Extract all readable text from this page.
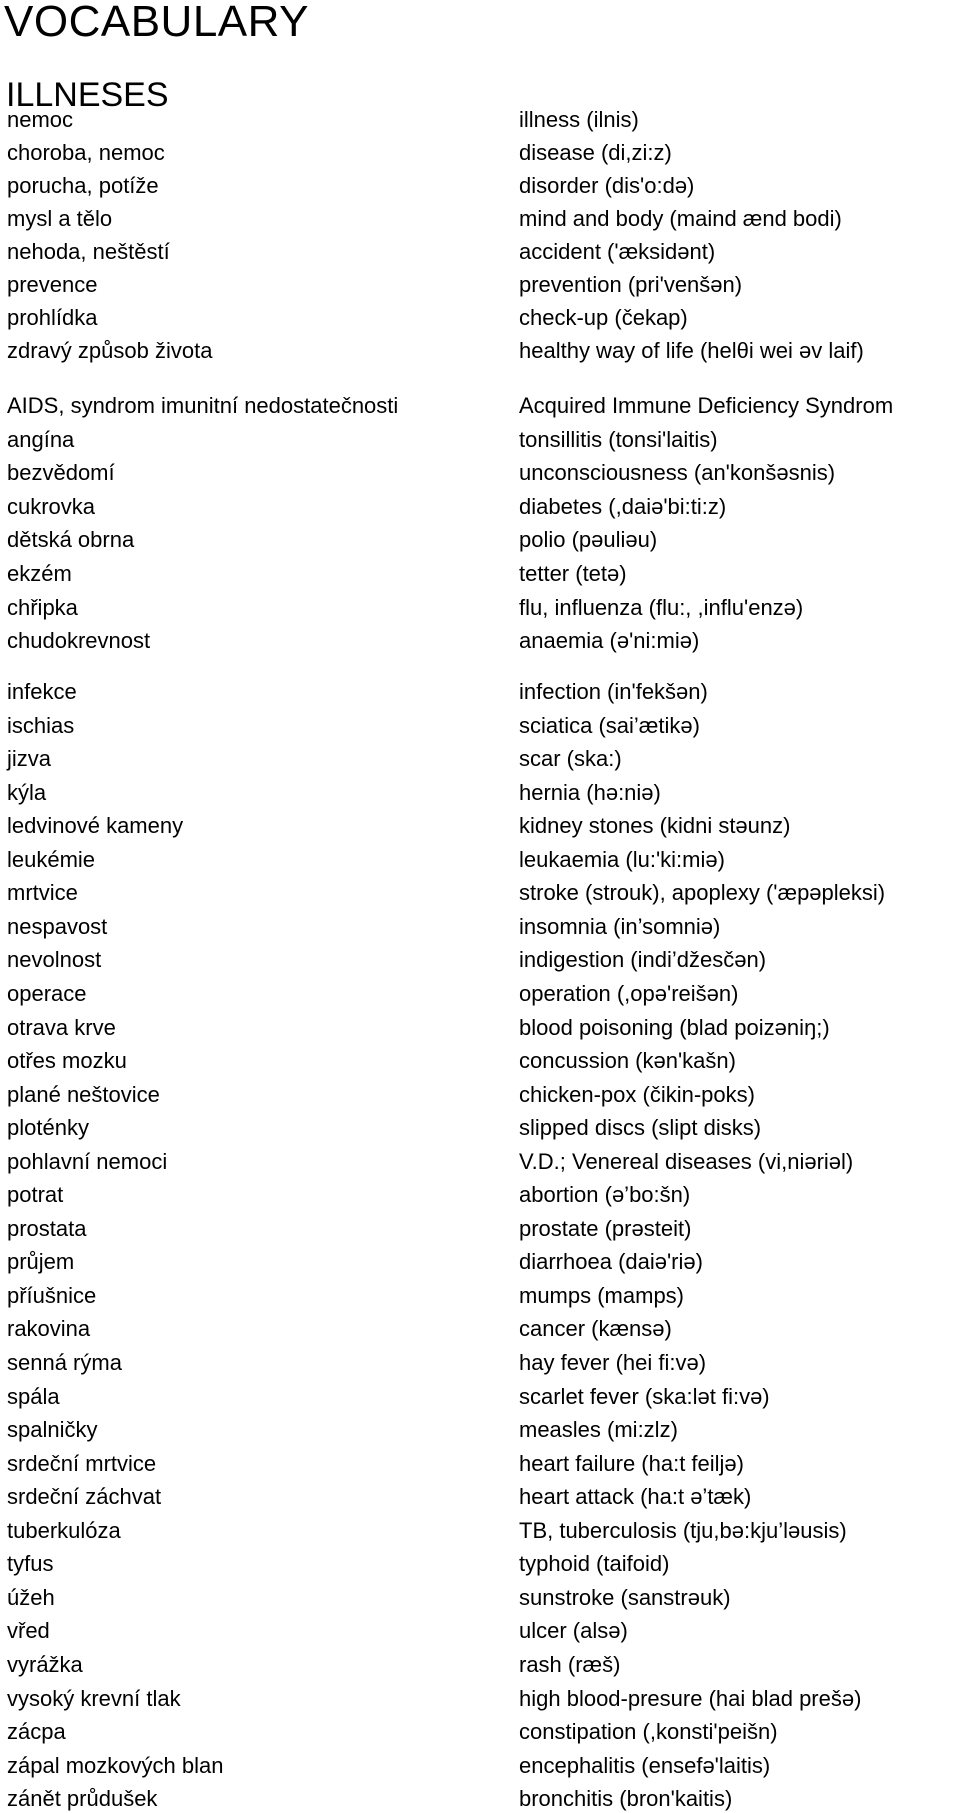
VOCABULARY
ILLNESES
nemoc
choroba, nemoc
porucha, potíže
mysl a tělo
nehoda, neštěstí
prevence
prohlídka
zdravý způsob života
AIDS, syndrom imunitní nedostatečnosti
angína
bezvědomí
cukrovka
dětská obrna
ekzém
chřipka
chudokrevnost
infekce
ischias
jizva
kýla
ledvinové kameny
leukémie
mrtvice
nespavost
nevolnost
operace
otrava krve
otřes mozku
plané neštovice
ploténky
pohlavní nemoci
potrat
prostata
průjem
příušnice
rakovina
senná rýma
spála
spalničky
srdeční mrtvice
srdeční záchvat
tuberkulóza
tyfus
úžeh
vřed
vyrážka
vysoký krevní tlak
zácpa
zápal mozkových blan
zánět průdušek
illness (ilnis)
disease (di,zi:z)
disorder (dis'o:də)
mind and body (maind ænd bodi)
accident ('æksidənt)
prevention (pri'venšən)
check-up (čekap)
healthy way of life (helθi wei əv laif)
Acquired Immune Deficiency Syndrom
tonsillitis (tonsi'laitis)
unconsciousness (an'konšəsnis)
diabetes (,daiə'bi:ti:z)
polio (pəuliəu)
tetter (tetə)
flu, influenza (flu:, ,influ'enzə)
anaemia (ə'ni:miə)
infection (in'fekšən)
sciatica (sai’ætikə)
scar (ska:)
hernia (hə:niə)
kidney stones (kidni stəunz)
leukaemia (lu:'ki:miə)
stroke (strouk), apoplexy ('æpəpleksi)
insomnia (in’somniə)
indigestion (indi’džesčən)
operation (,opə'reišən)
blood poisoning (blad poizəniŋ;)
concussion (kən'kašn)
chicken-pox (čikin-poks)
slipped discs (slipt disks)
V.D.; Venereal diseases (vi,niəriəl)
abortion (ə’bo:šn)
prostate (prəsteit)
diarrhoea (daiə'riə)
mumps (mamps)
cancer (kænsə)
hay fever (hei fi:və)
scarlet fever (ska:lət fi:və)
measles (mi:zlz)
heart failure (ha:t feiljə)
heart attack (ha:t ə’tæk)
TB, tuberculosis (tju,bə:kju’ləusis)
typhoid (taifoid)
sunstroke (sanstrəuk)
ulcer (alsə)
rash (ræš)
high blood-presure (hai blad prešə)
constipation (,konsti'peišn)
encephalitis (ensefə'laitis)
bronchitis (bron'kaitis)
